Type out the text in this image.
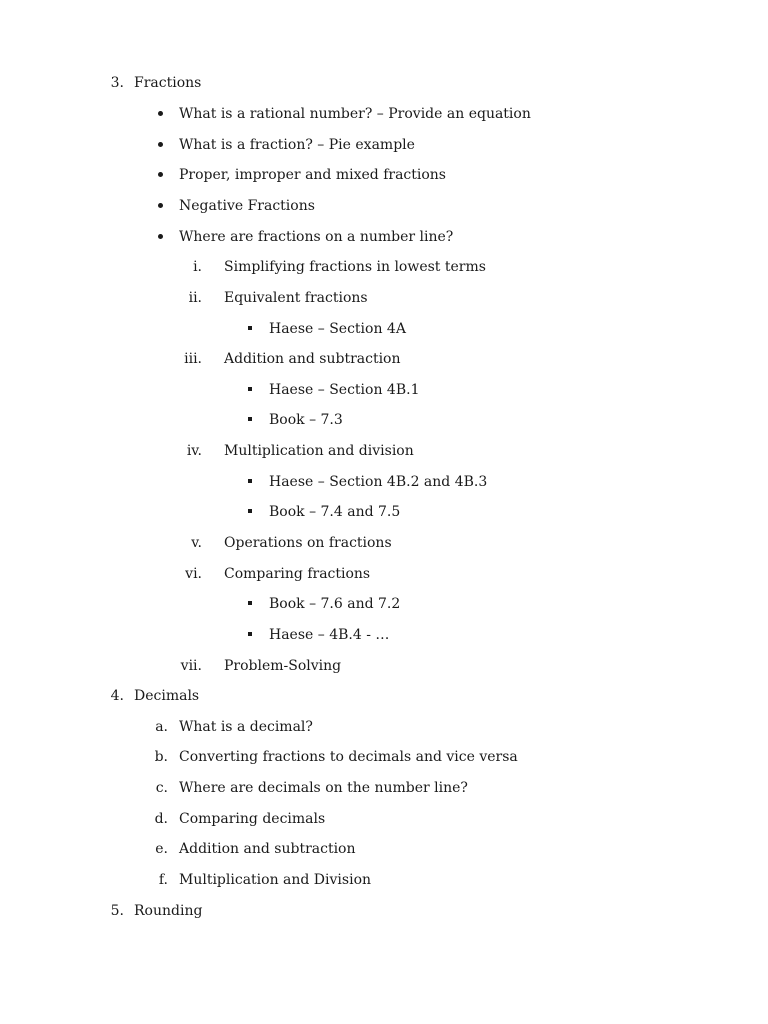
3. Fractions
What is a rational number? – Provide an equation
What is a fraction? – Pie example
Proper, improper and mixed fractions
Negative Fractions
Where are fractions on a number line?
i. Simplifying fractions in lowest terms
ii. Equivalent fractions
Haese – Section 4A
iii. Addition and subtraction
Haese – Section 4B.1
Book – 7.3
iv. Multiplication and division
Haese – Section 4B.2 and 4B.3
Book – 7.4 and 7.5
v. Operations on fractions
vi. Comparing fractions
Book – 7.6 and 7.2
Haese – 4B.4 - …
vii. Problem-Solving
4. Decimals
a. What is a decimal?
b. Converting fractions to decimals and vice versa
c. Where are decimals on the number line?
d. Comparing decimals
e. Addition and subtraction
f. Multiplication and Division
5. Rounding
